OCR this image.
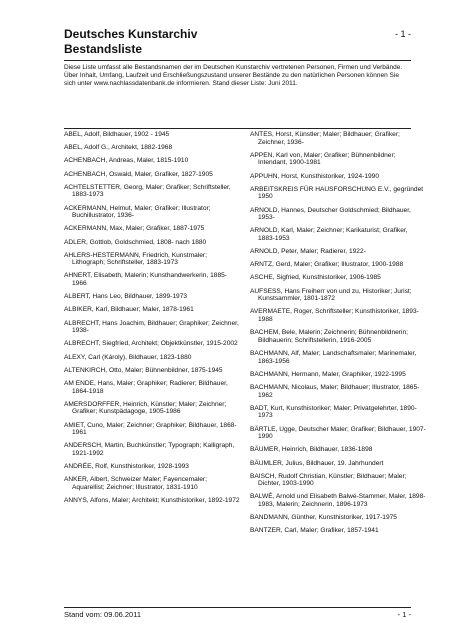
Deutsches Kunstarchiv
Bestandsliste
- 1 -
Diese Liste umfasst alle Bestandsnamen der im Deutschen Kunstarchiv vertretenen Personen, Firmen und Verbände. Über Inhalt, Umfang, Laufzeit und Erschließungszustand unserer Bestände zu den natürlichen Personen können Sie sich unter www.nachlassdatenbank.de informieren. Stand dieser Liste: Juni 2011.
ABEL, Adolf, Bildhauer, 1902 - 1945
ABEL, Adolf G., Architekt, 1882-1968
ACHENBACH, Andreas, Maler, 1815-1910
ACHENBACH, Oswald, Maler, Grafiker, 1827-1905
ACHTELSTETTER, Georg, Maler; Grafiker; Schriftsteller, 1883-1973
ACKERMANN, Helmut, Maler; Grafiker; Illustrator; Buchillustrator, 1936-
ACKERMANN, Max, Maler; Grafiker, 1887-1975
ADLER, Gottlob, Goldschmied, 1808- nach 1880
AHLERS-HESTERMANN, Friedrich, Kunstmaler; Lithograph; Schriftsteller, 1883-1973
AHNERT, Elisabeth, Malerin; Kunsthandwerkerin, 1885-1966
ALBERT, Hans Leo, Bildhauer, 1899-1973
ALBIKER, Karl, Bildhauer; Maler, 1878-1961
ALBRECHT, Hans Joachim, Bildhauer; Graphiker; Zeichner, 1938-
ALBRECHT, Siegfried, Architekt; Objektkünstler, 1915-2002
ALEXY, Carl (Károly), Bildhauer, 1823-1880
ALTENKIRCH, Otto, Maler; Bühnenbildner, 1875-1945
AM ENDE, Hans, Maler; Graphiker; Radierer; Bildhauer, 1864-1918
AMERSDORFFER, Heinrich, Künstler; Maler; Zeichner; Grafiker; Kunstpädagoge, 1905-1986
AMIET, Cuno, Maler; Zeichner; Graphiker; Bildhauer, 1868-1961
ANDERSCH, Martin, Buchkünstler; Typograph; Kalligraph, 1921-1992
ANDRÉE, Rolf, Kunsthistoriker, 1928-1993
ANKER, Albert, Schweizer Maler; Fayencemaler; Aquarellist; Zeichner; Illustrator, 1831-1910
ANNYS, Alfons, Maler; Architekt; Kunsthistoriker, 1892-1972
ANTES, Horst, Künstler; Maler; Bildhauer; Grafiker; Zeichner, 1936-
APPEN, Karl von, Maler; Grafiker; Bühnenbildner; Intendant, 1900-1981
APPUHN, Horst, Kunsthistoriker, 1924-1990
ARBEITSKREIS FÜR HAUSFORSCHUNG E.V., gegründet 1950
ARNOLD, Hannes, Deutscher Goldschmied; Bildhauer, 1953-
ARNOLD, Karl, Maler; Zeichner; Karikaturist; Grafiker, 1883-1953
ARNOLD, Peter, Maler; Radierer, 1922-
ARNTZ, Gerd, Maler; Grafiker; Illustrator, 1900-1988
ASCHE, Sigfried, Kunsthistoriker, 1906-1985
AUFSESS, Hans Freiherr von und zu, Historiker; Jurist; Kunstsammler, 1801-1872
AVERMAETE, Roger, Schriftsteller; Kunsthistoriker, 1893-1988
BACHEM, Bele, Malerin; Zeichnerin; Bühnenbildnerin; Bildhauerin; Schriftstellerin, 1916-2005
BACHMANN, Alf, Maler; Landschaftsmaler; Marinemaler, 1863-1956
BACHMANN, Hermann, Maler, Graphiker, 1922-1995
BACHMANN, Nicolaus, Maler; Bildhauer; Illustrator, 1865-1962
BADT, Kurt, Kunsthistoriker; Maler; Privatgelehrter, 1890-1973
BÄRTLE, Ugge, Deutscher Maler; Grafiker; Bildhauer, 1907-1990
BÄUMER, Heinrich, Bildhauer, 1836-1898
BÄUMLER, Julius, Bildhauer, 19. Jahrhundert
BAISCH, Rudolf Christian, Künstler; Bildhauer; Maler; Dichter, 1903-1990
BALWÉ, Arnold und Elisabeth Balwé-Stammer, Maler, 1898-1983, Malerin; Zeichnerin, 1896-1973
BANDMANN, Günther, Kunsthistoriker, 1917-1975
BANTZER, Carl, Maler; Grafiker, 1857-1941
Stand vom: 09.06.2011	- 1 -
